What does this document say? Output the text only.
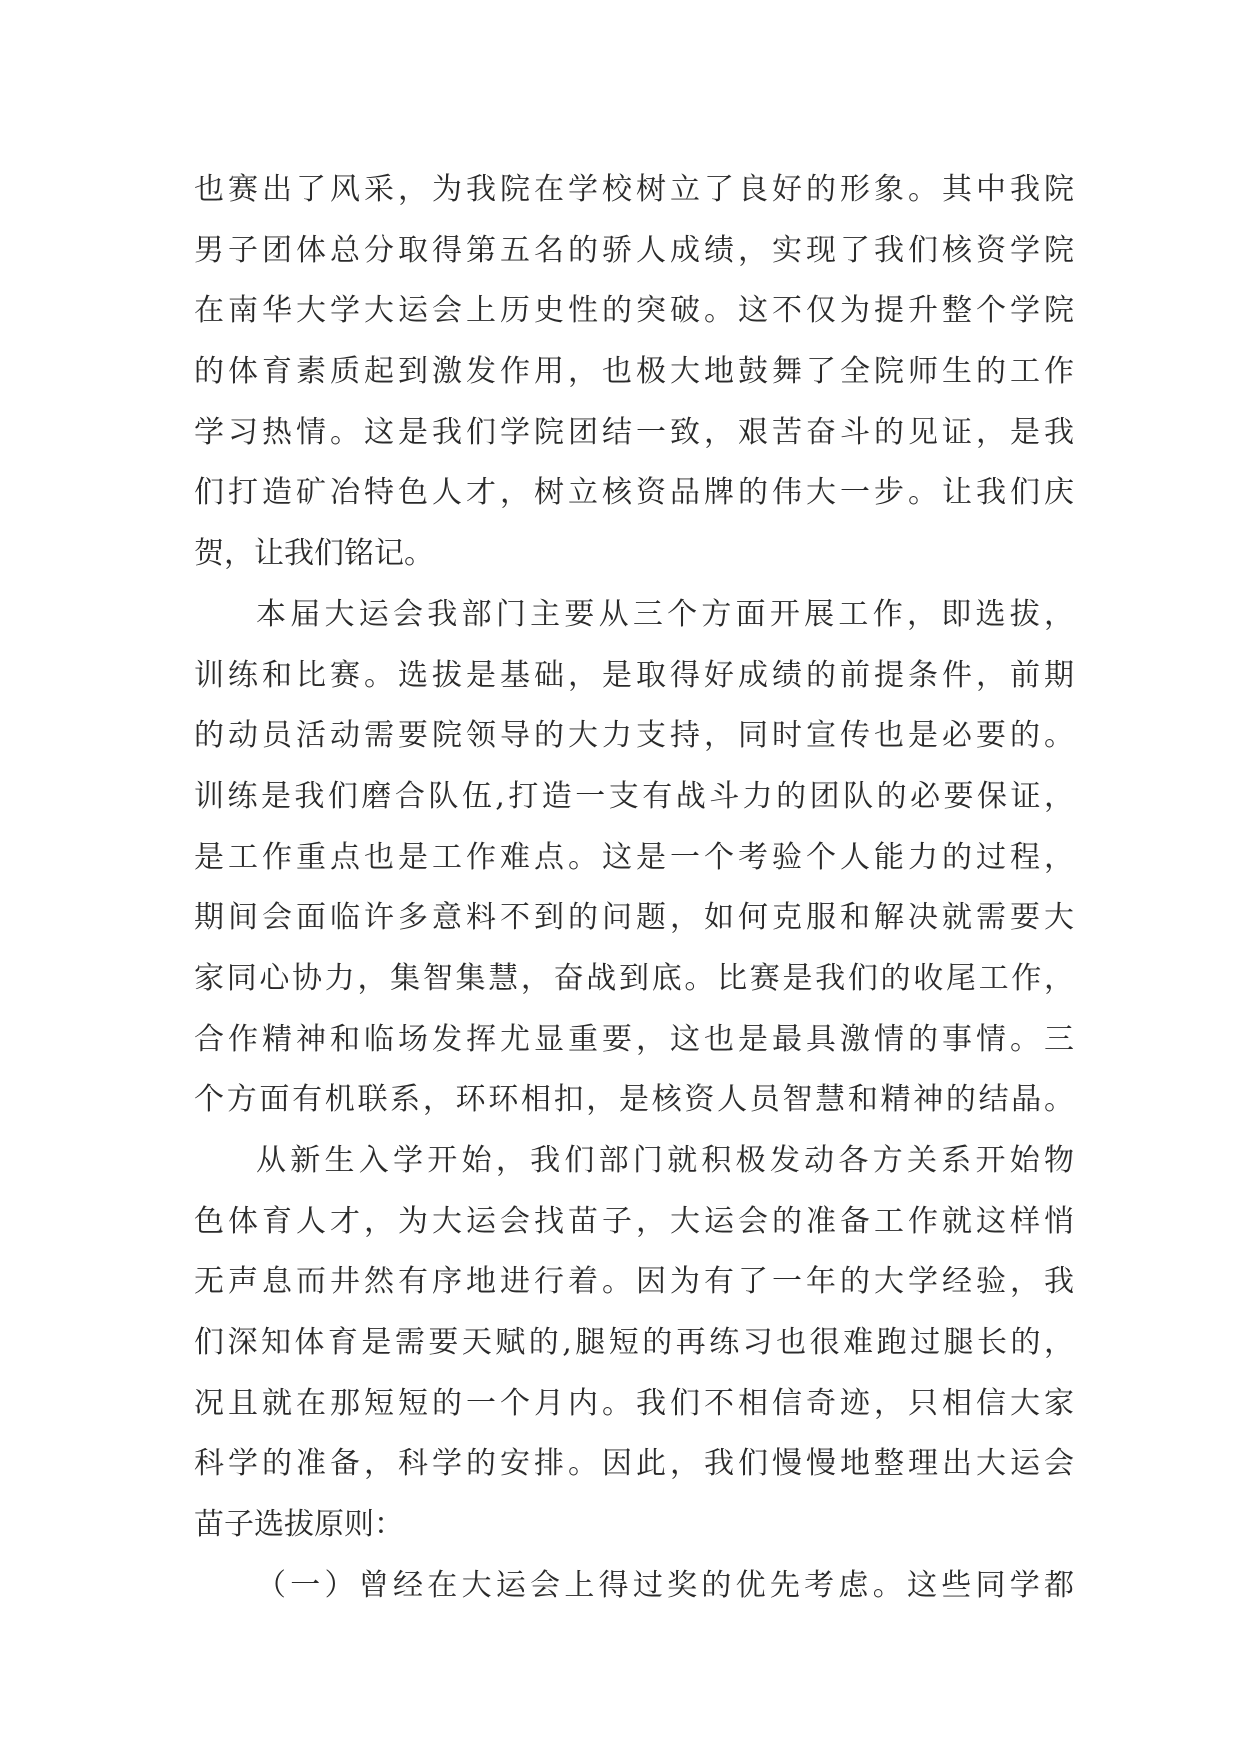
也赛出了风采，为我院在学校树立了良好的形象。其中我院
男子团体总分取得第五名的骄人成绩，实现了我们核资学院
在南华大学大运会上历史性的突破。这不仅为提升整个学院
的体育素质起到激发作用，也极大地鼓舞了全院师生的工作
学习热情。这是我们学院团结一致，艰苦奋斗的见证，是我
们打造矿冶特色人才，树立核资品牌的伟大一步。让我们庆
贺，让我们铭记。
本届大运会我部门主要从三个方面开展工作，即选拔，
训练和比赛。选拔是基础，是取得好成绩的前提条件，前期
的动员活动需要院领导的大力支持，同时宣传也是必要的。
训练是我们磨合队伍,打造一支有战斗力的团队的必要保证，
是工作重点也是工作难点。这是一个考验个人能力的过程，
期间会面临许多意料不到的问题，如何克服和解决就需要大
家同心协力，集智集慧，奋战到底。比赛是我们的收尾工作，
合作精神和临场发挥尤显重要，这也是最具激情的事情。三
个方面有机联系，环环相扣，是核资人员智慧和精神的结晶。
从新生入学开始，我们部门就积极发动各方关系开始物
色体育人才，为大运会找苗子，大运会的准备工作就这样悄
无声息而井然有序地进行着。因为有了一年的大学经验，我
们深知体育是需要天赋的,腿短的再练习也很难跑过腿长的，
况且就在那短短的一个月内。我们不相信奇迹，只相信大家
科学的准备，科学的安排。因此，我们慢慢地整理出大运会
苗子选拔原则：
（一）曾经在大运会上得过奖的优先考虑。这些同学都
